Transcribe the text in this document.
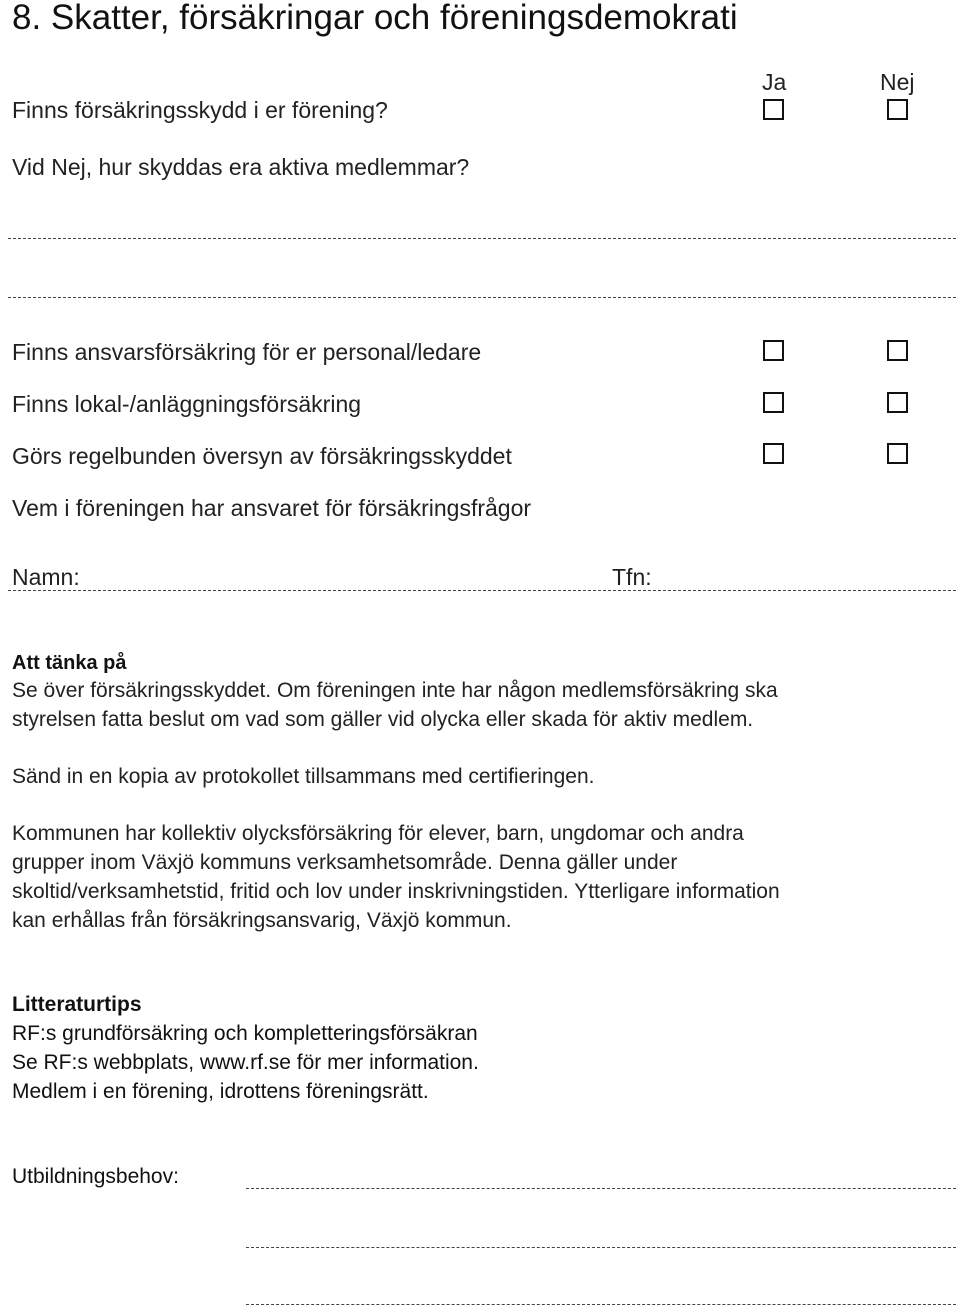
8. Skatter, försäkringar och föreningsdemokrati
Ja	Nej
Finns försäkringsskydd i er förening?
Vid Nej, hur skyddas era aktiva medlemmar?
Finns ansvarsförsäkring för er personal/ledare
Finns lokal-/anläggningsförsäkring
Görs regelbunden översyn av försäkringsskyddet
Vem i föreningen har ansvaret för försäkringsfrågor
Namn:	Tfn:
Att tänka på
Se över försäkringsskyddet. Om föreningen inte har någon medlemsförsäkring ska
styrelsen fatta beslut om vad som gäller vid olycka eller skada för aktiv medlem.
Sänd in en kopia av protokollet tillsammans med certifieringen.
Kommunen har kollektiv olycksförsäkring för elever, barn, ungdomar och andra
grupper inom Växjö kommuns verksamhetsområde. Denna gäller under
skoltid/verksamhetstid, fritid och lov under inskrivningstiden. Ytterligare information
kan erhållas från försäkringsansvarig, Växjö kommun.
Litteraturtips
RF:s grundförsäkring och kompletteringsförsäkran
Se RF:s webbplats, www.rf.se för mer information.
Medlem i en förening, idrottens föreningsrätt.
Utbildningsbehov:
